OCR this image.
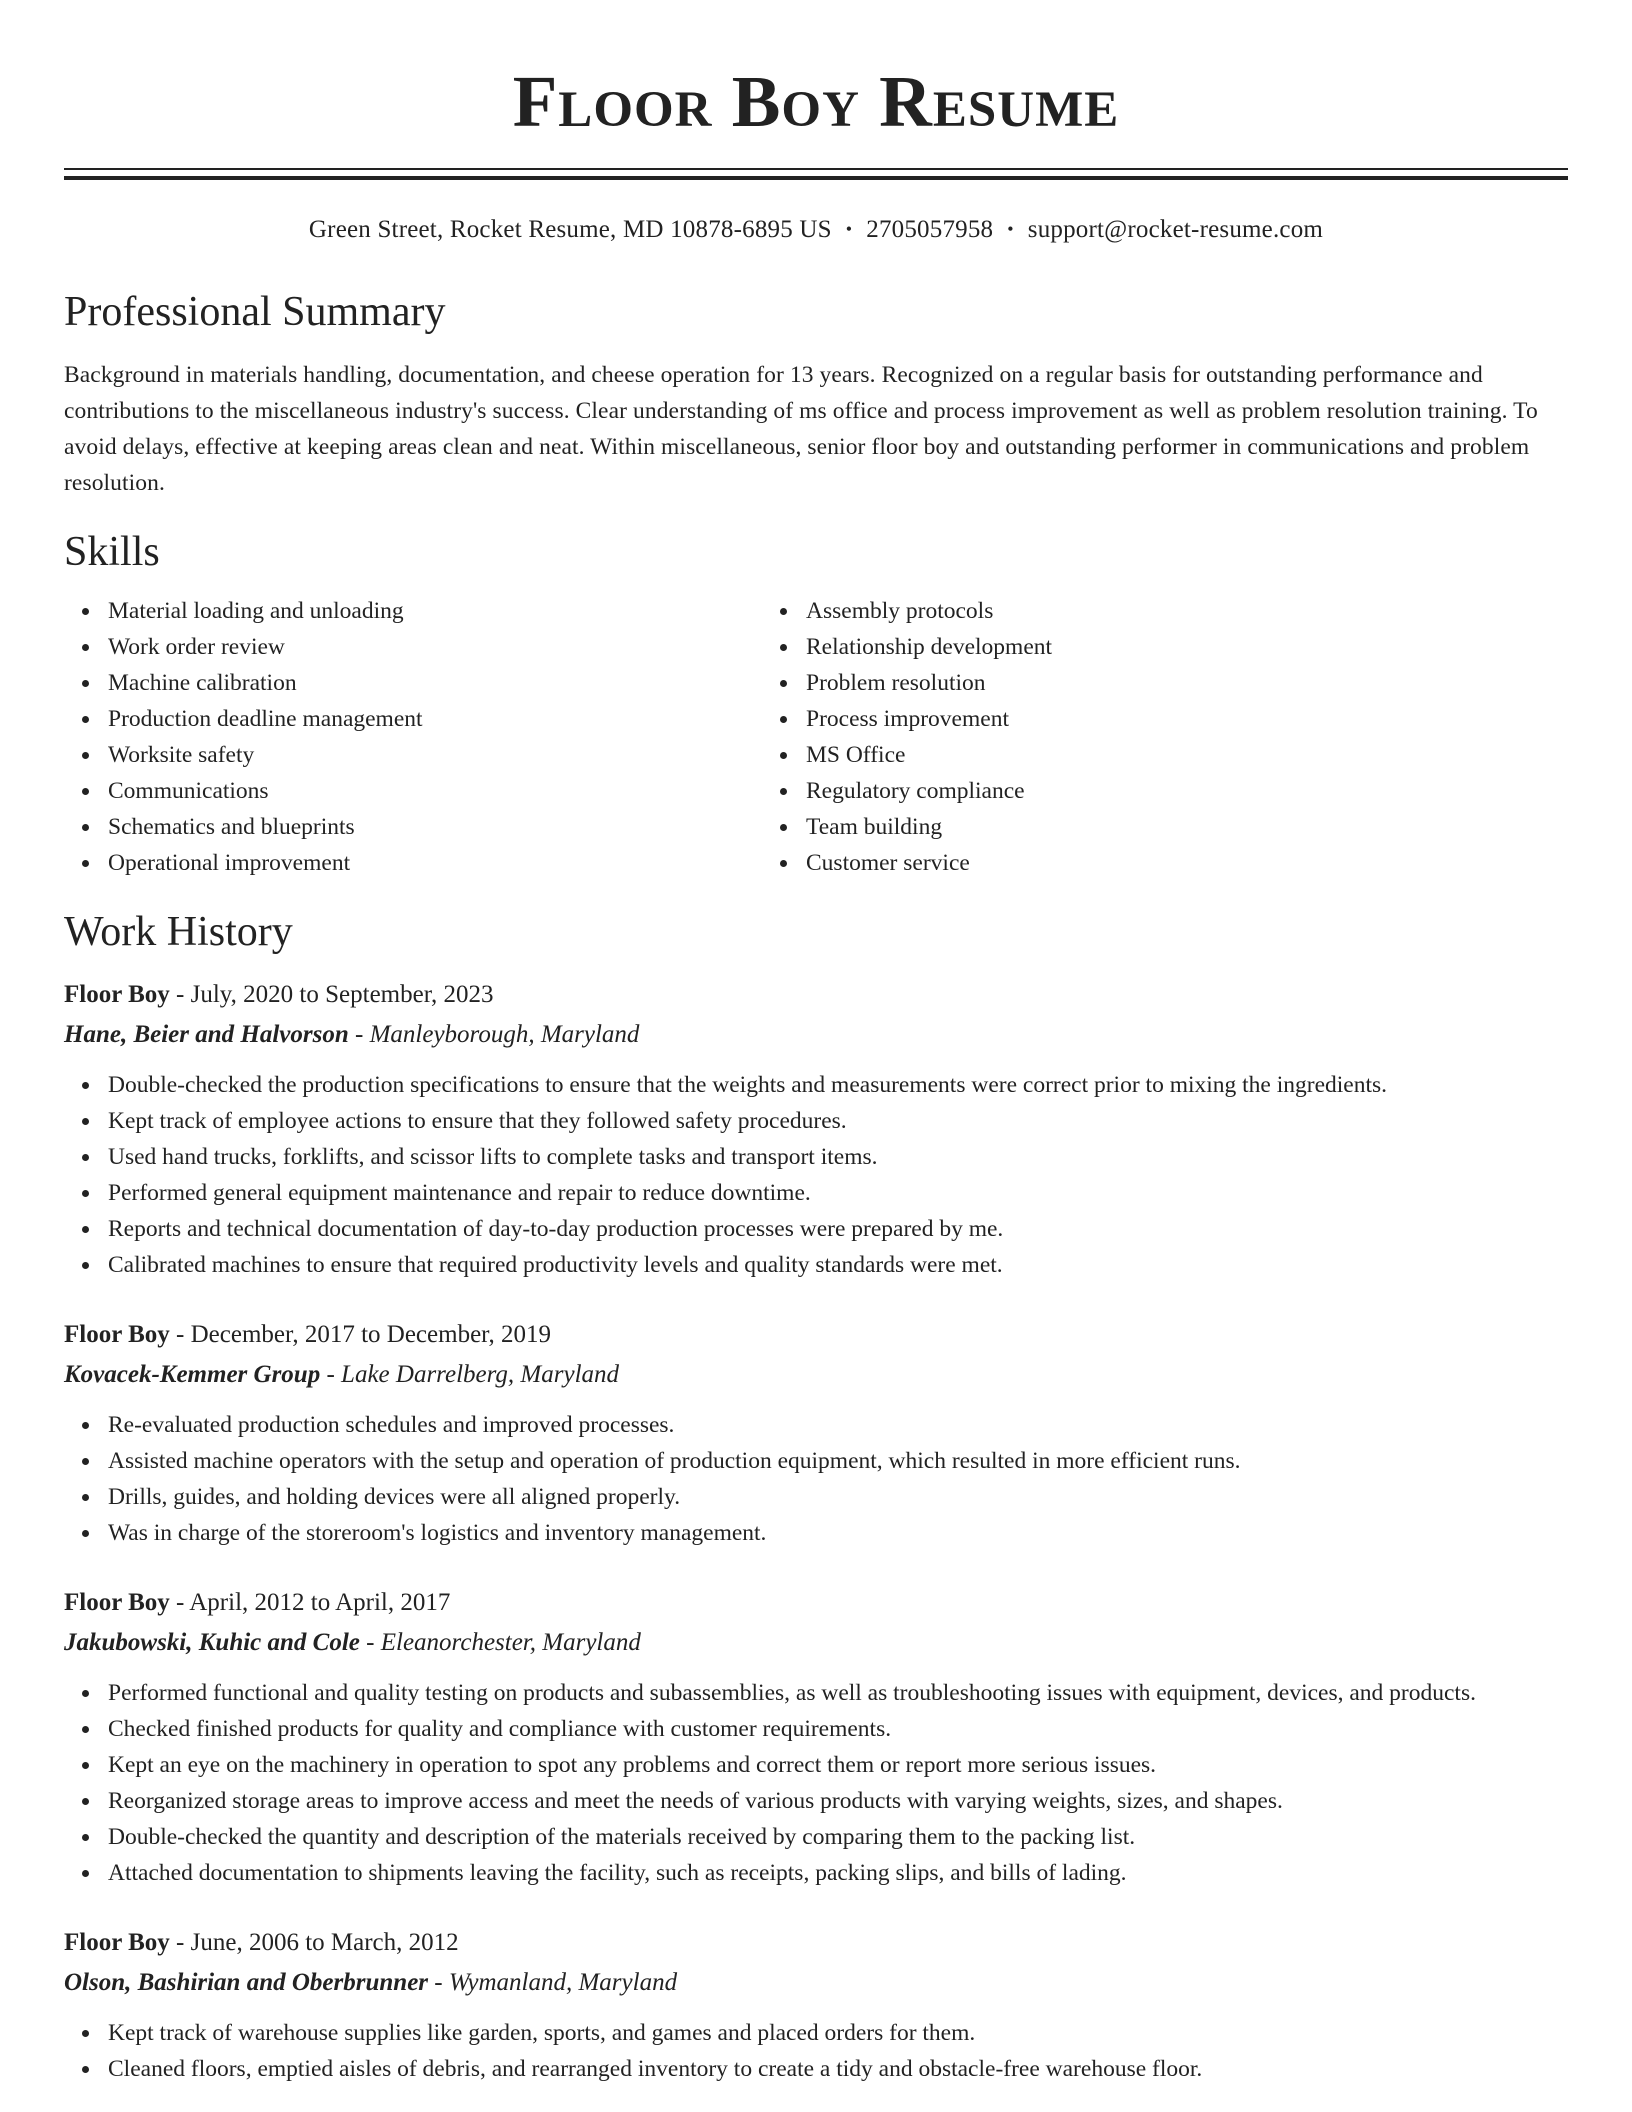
Floor Boy Resume
Green Street, Rocket Resume, MD 10878-6895 US • 2705057958 • support@rocket-resume.com
Professional Summary
Background in materials handling, documentation, and cheese operation for 13 years. Recognized on a regular basis for outstanding performance and contributions to the miscellaneous industry's success. Clear understanding of ms office and process improvement as well as problem resolution training. To avoid delays, effective at keeping areas clean and neat. Within miscellaneous, senior floor boy and outstanding performer in communications and problem resolution.
Skills
Material loading and unloading
Work order review
Machine calibration
Production deadline management
Worksite safety
Communications
Schematics and blueprints
Operational improvement
Assembly protocols
Relationship development
Problem resolution
Process improvement
MS Office
Regulatory compliance
Team building
Customer service
Work History
Floor Boy - July, 2020 to September, 2023
Hane, Beier and Halvorson - Manleyborough, Maryland
Double-checked the production specifications to ensure that the weights and measurements were correct prior to mixing the ingredients.
Kept track of employee actions to ensure that they followed safety procedures.
Used hand trucks, forklifts, and scissor lifts to complete tasks and transport items.
Performed general equipment maintenance and repair to reduce downtime.
Reports and technical documentation of day-to-day production processes were prepared by me.
Calibrated machines to ensure that required productivity levels and quality standards were met.
Floor Boy - December, 2017 to December, 2019
Kovacek-Kemmer Group - Lake Darrelberg, Maryland
Re-evaluated production schedules and improved processes.
Assisted machine operators with the setup and operation of production equipment, which resulted in more efficient runs.
Drills, guides, and holding devices were all aligned properly.
Was in charge of the storeroom's logistics and inventory management.
Floor Boy - April, 2012 to April, 2017
Jakubowski, Kuhic and Cole - Eleanorchester, Maryland
Performed functional and quality testing on products and subassemblies, as well as troubleshooting issues with equipment, devices, and products.
Checked finished products for quality and compliance with customer requirements.
Kept an eye on the machinery in operation to spot any problems and correct them or report more serious issues.
Reorganized storage areas to improve access and meet the needs of various products with varying weights, sizes, and shapes.
Double-checked the quantity and description of the materials received by comparing them to the packing list.
Attached documentation to shipments leaving the facility, such as receipts, packing slips, and bills of lading.
Floor Boy - June, 2006 to March, 2012
Olson, Bashirian and Oberbrunner - Wymanland, Maryland
Kept track of warehouse supplies like garden, sports, and games and placed orders for them.
Cleaned floors, emptied aisles of debris, and rearranged inventory to create a tidy and obstacle-free warehouse floor.
